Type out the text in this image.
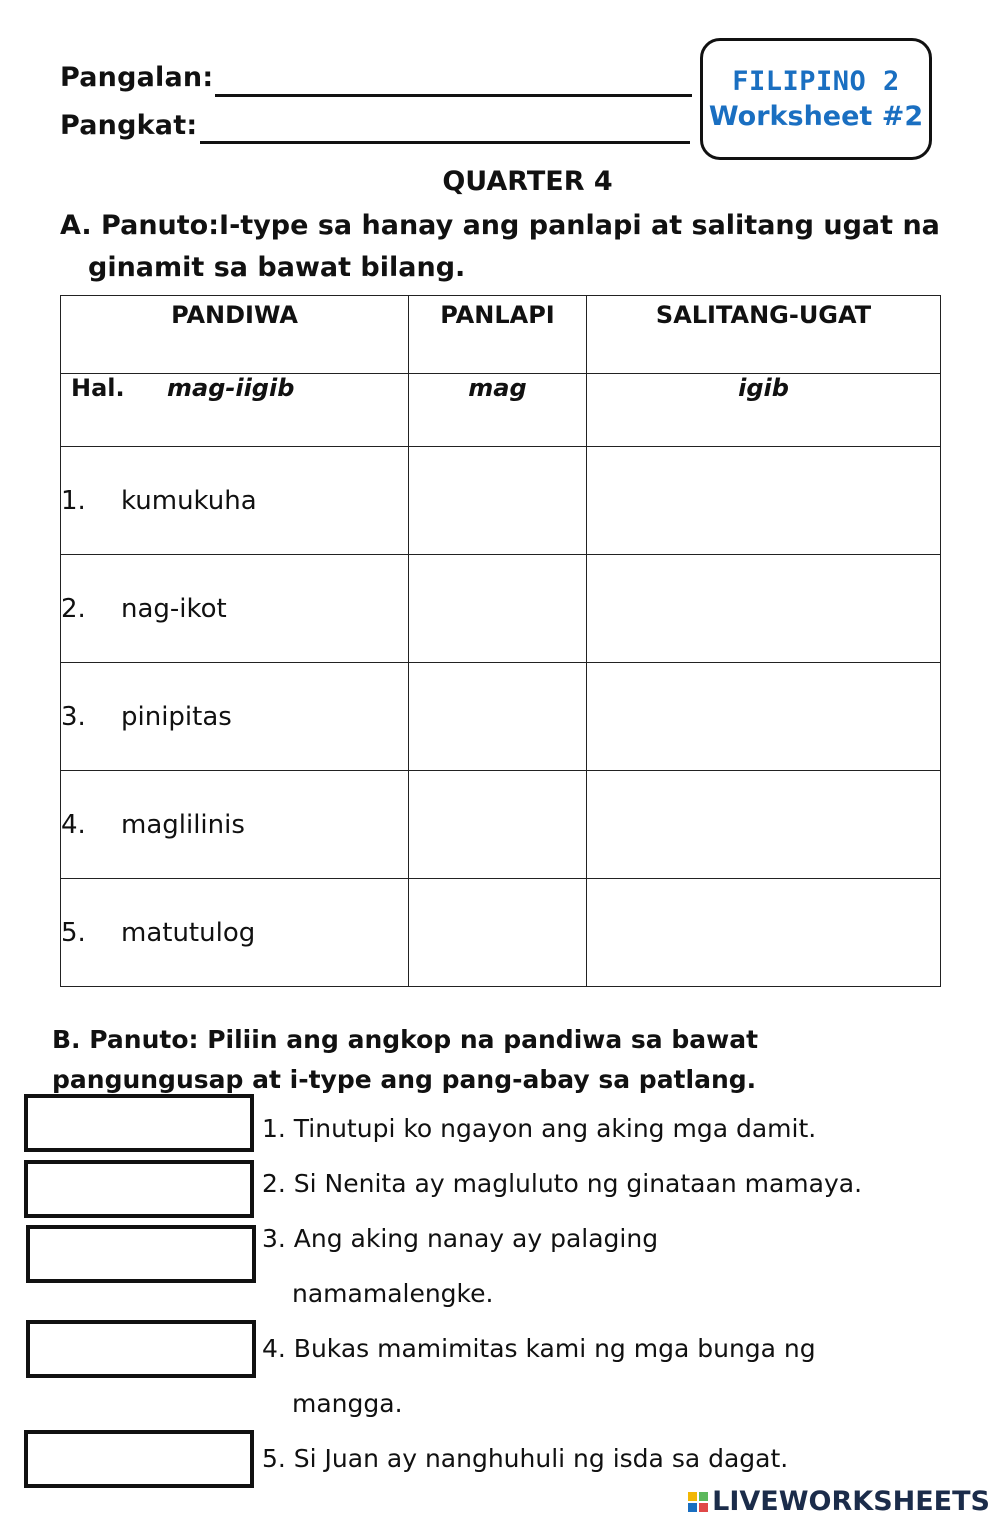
Pangalan:
Pangkat:
FILIPINO 2
Worksheet #2
QUARTER 4
A. Panuto:I-type sa hanay ang panlapi at salitang ugat na
ginamit sa bawat bilang.
PANDIWA	PANLAPI	SALITANG-UGAT
Hal. mag-iigib	mag	igib
1. kumukuha		
2. nag-ikot		
3. pinipitas		
4. maglilinis		
5. matutulog		
B. Panuto: Piliin ang angkop na pandiwa sa bawat
pangungusap at i-type ang pang-abay sa patlang.
1. Tinutupi ko ngayon ang aking mga damit.
2. Si Nenita ay magluluto ng ginataan mamaya.
3. Ang aking nanay ay palaging
namamalengke.
4. Bukas mamimitas kami ng mga bunga ng
mangga.
5. Si Juan ay nanghuhuli ng isda sa dagat.
LIVEWORKSHEETS
